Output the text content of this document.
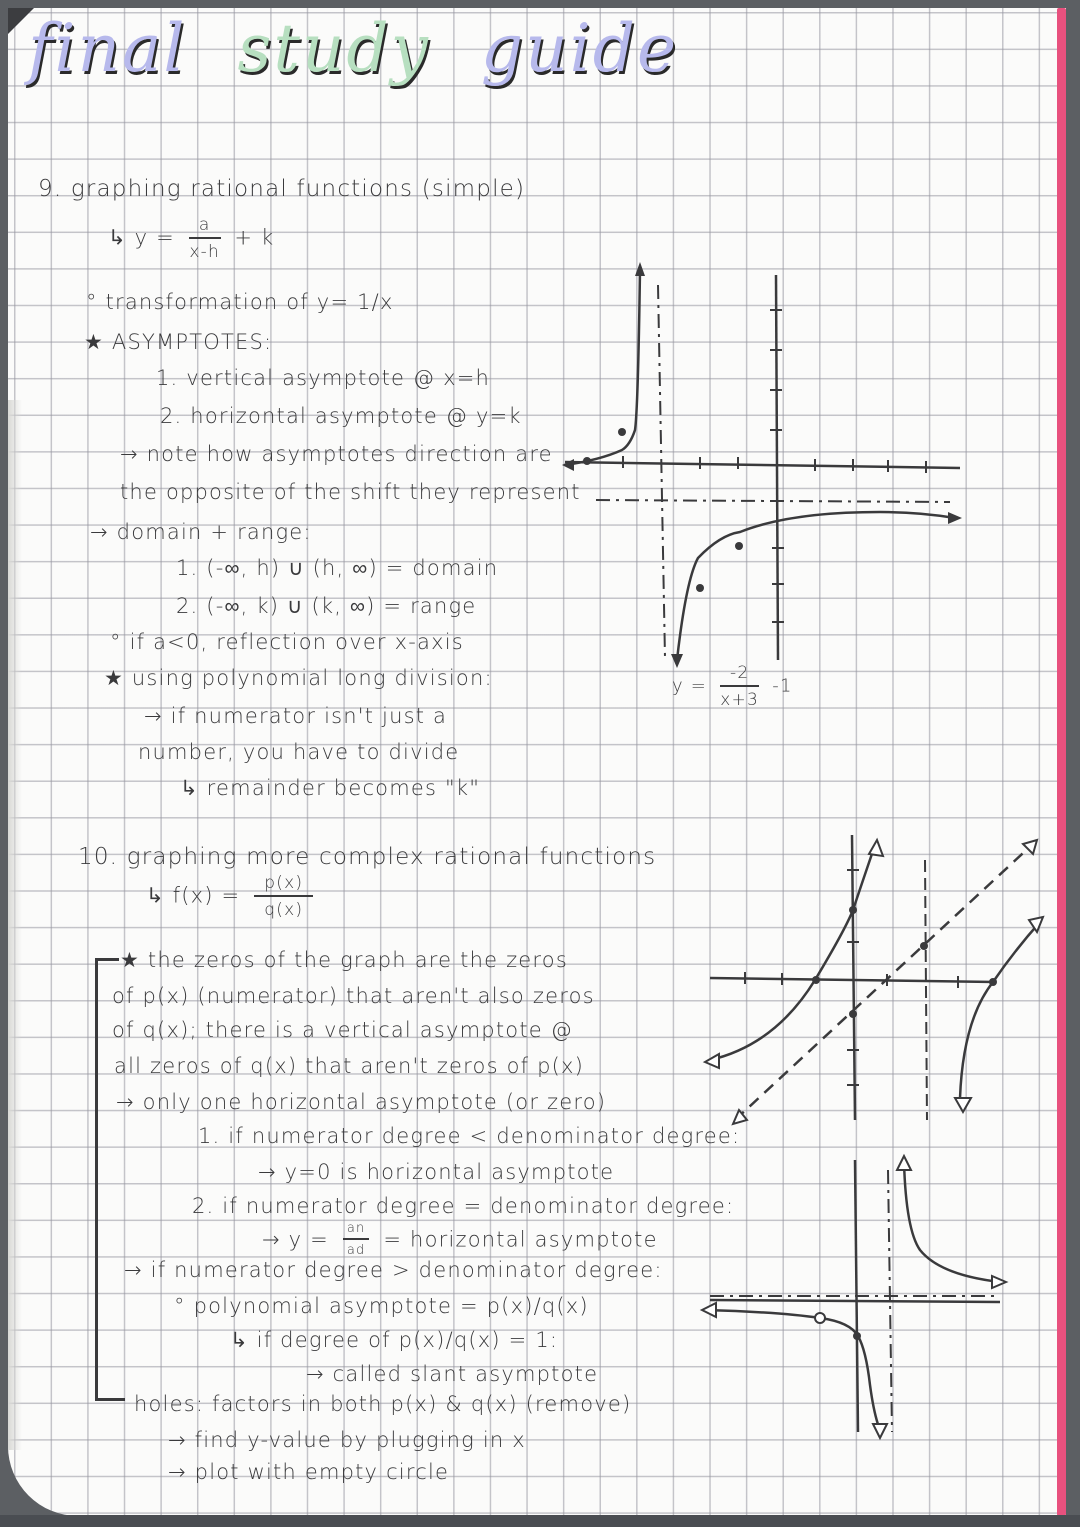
final study guide
9. graphing rational functions (simple)
↳ $y = \frac{a}{x-h} + k$
° transformation of y= 1/x
★ ASYMPTOTES:
1. vertical asymptote @ x=h
2. horizontal asymptote @ y=k
→ note how asymptotes direction are
the opposite of the shift they represent
→ domain + range:
1. (-∞, h) ∪ (h, ∞) = domain
2. (-∞, k) ∪ (k, ∞) = range
° if a<0, reflection over x-axis
★ using polynomial long division:
→ if numerator isn't just a
number, you have to divide
↳ remainder becomes "k"
$y = \frac{-2}{x+3} -1$
10. graphing more complex rational functions
↳ $f(x) = \frac{p(x)}{q(x)}$
★ the zeros of the graph are the zeros
of p(x) (numerator) that aren't also zeros
of q(x); there is a vertical asymptote @
all zeros of q(x) that aren't zeros of p(x)
→ only one horizontal asymptote (or zero)
1. if numerator degree < denominator degree:
→ y=0 is horizontal asymptote
2. if numerator degree = denominator degree:
→ $y = \frac{an}{ad}$ = horizontal asymptote
→ if numerator degree > denominator degree:
° polynomial asymptote = p(x)/q(x)
↳ if degree of p(x)/q(x) = 1:
→ called slant asymptote
holes: factors in both p(x) & q(x) (remove)
→ find y-value by plugging in x
→ plot with empty circle
